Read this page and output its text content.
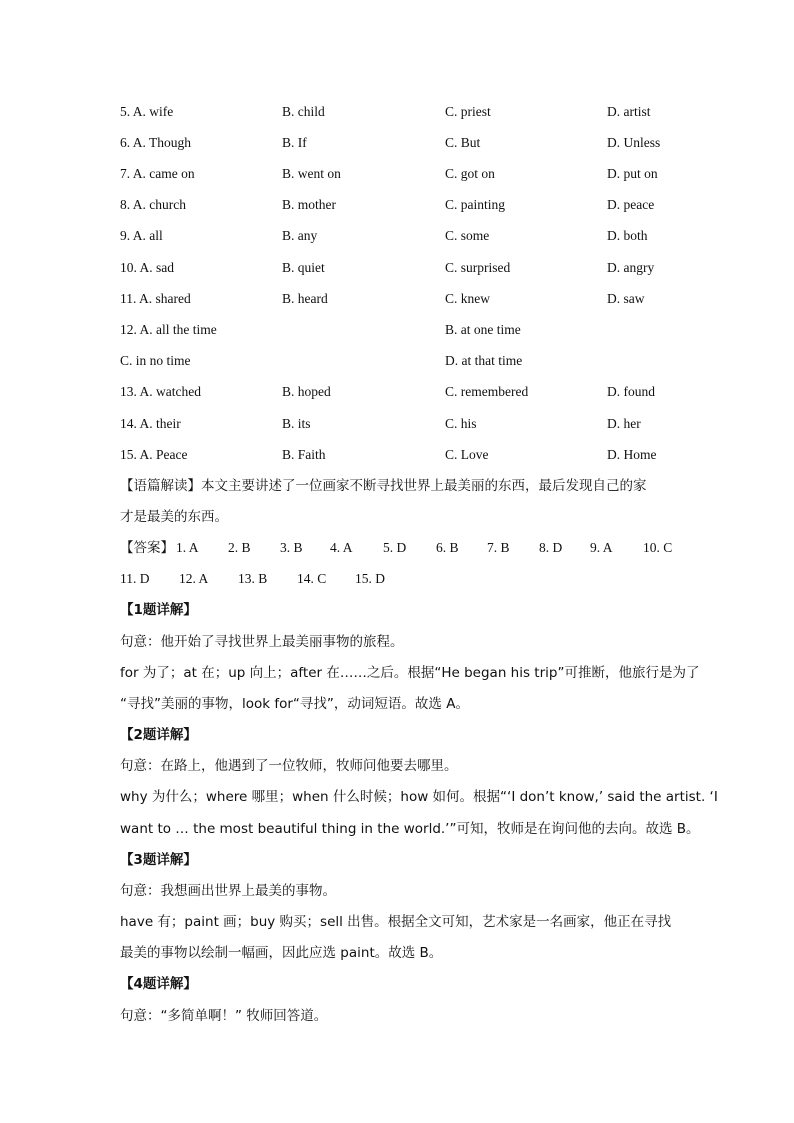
5. A. wife	B. child	C. priest	D. artist
6. A. Though	B. If	C. But	D. Unless
7. A. came on	B. went on	C. got on	D. put on
8. A. church	B. mother	C. painting	D. peace
9. A. all	B. any	C. some	D. both
10. A. sad	B. quiet	C. surprised	D. angry
11. A. shared	B. heard	C. knew	D. saw
12. A. all the time	B. at one time
C. in no time	D. at that time
13. A. watched	B. hoped	C. remembered	D. found
14. A. their	B. its	C. his	D. her
15. A. Peace	B. Faith	C. Love	D. Home
【语篇解读】本文主要讲述了一位画家不断寻找世界上最美丽的东西，最后发现自己的家
才是最美的东西。
【答案】 1. A 2. B 3. B 4. A 5. D 6. B 7. B 8. D 9. A 10. C
11. D 12. A 13. B 14. C 15. D
【1题详解】
句意：他开始了寻找世界上最美丽事物的旅程。
for 为了；at 在；up 向上；after 在……之后。根据“He began his trip”可推断，他旅行是为了
“寻找”美丽的事物，look for“寻找”，动词短语。故选 A。
【2题详解】
句意：在路上，他遇到了一位牧师，牧师问他要去哪里。
why 为什么；where 哪里；when 什么时候；how 如何。根据“‘I don’t know,’ said the artist. ‘I
want to … the most beautiful thing in the world.’”可知，牧师是在询问他的去向。故选 B。
【3题详解】
句意：我想画出世界上最美的事物。
have 有；paint 画；buy 购买；sell 出售。根据全文可知，艺术家是一名画家，他正在寻找
最美的事物以绘制一幅画，因此应选 paint。故选 B。
【4题详解】
句意：“多简单啊！” 牧师回答道。
